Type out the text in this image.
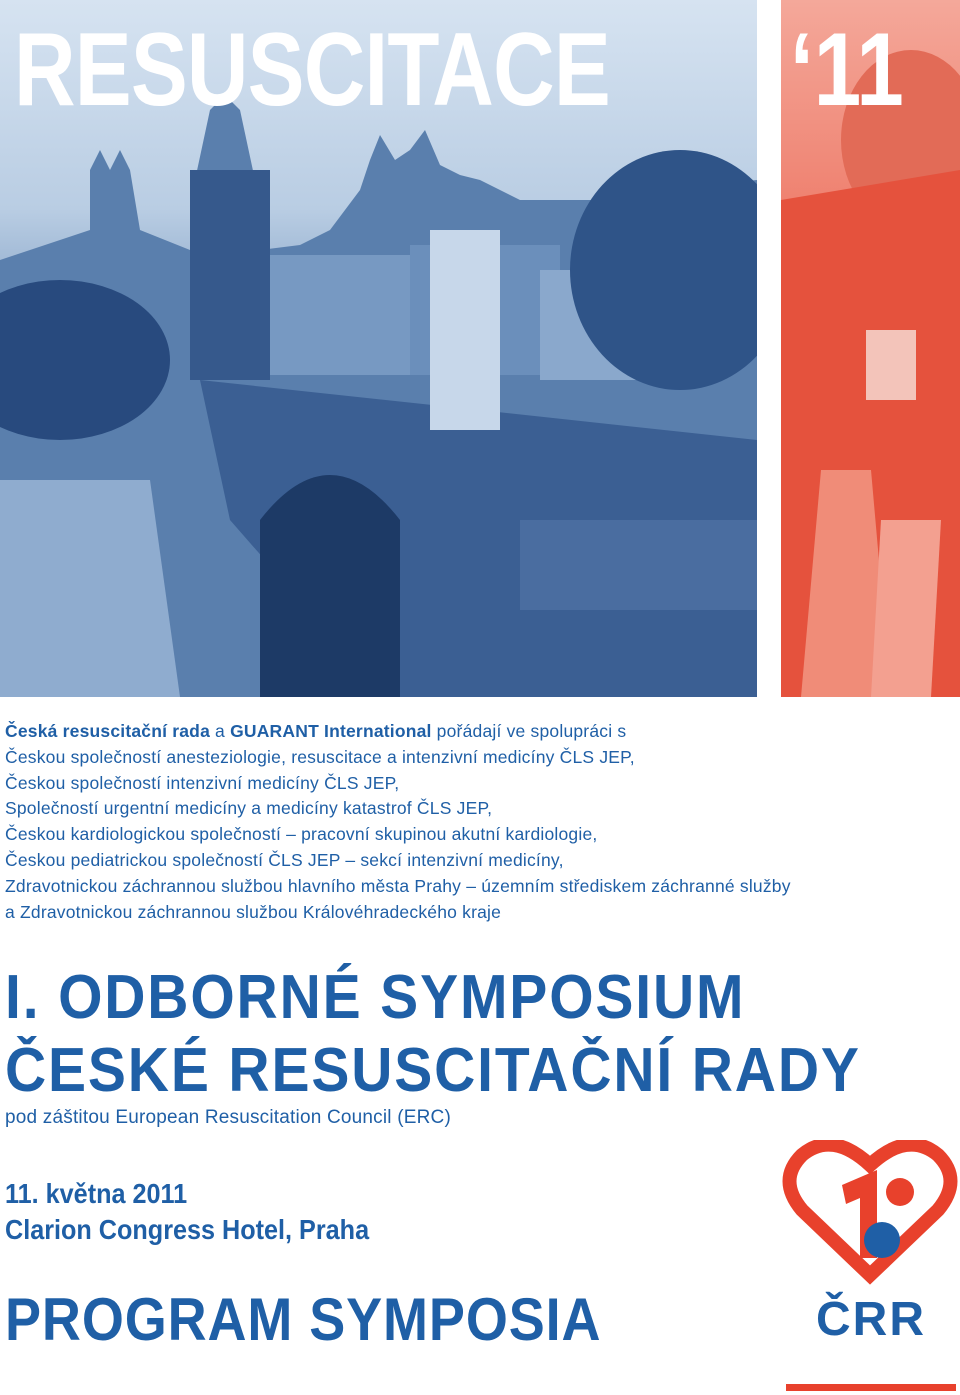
RESUSCITACE ‘11
Česká resuscitační rada a GUARANT International pořádají ve spolupráci s
Českou společností anesteziologie, resuscitace a intenzivní medicíny ČLS JEP,
Českou společností intenzivní medicíny ČLS JEP,
Společností urgentní medicíny a medicíny katastrof ČLS JEP,
Českou kardiologickou společností – pracovní skupinou akutní kardiologie,
Českou pediatrickou společností ČLS JEP – sekcí intenzivní medicíny,
Zdravotnickou záchrannou službou hlavního města Prahy – územním střediskem záchranné služby
a Zdravotnickou záchrannou službou Královéhradeckého kraje
I. ODBORNÉ SYMPOSIUM
ČESKÉ RESUSCITAČNÍ RADY
pod záštitou European Resuscitation Council (ERC)

11. května 2011

Clarion Congress Hotel, Praha

PROGRAM SYMPOSIA	ČRR
